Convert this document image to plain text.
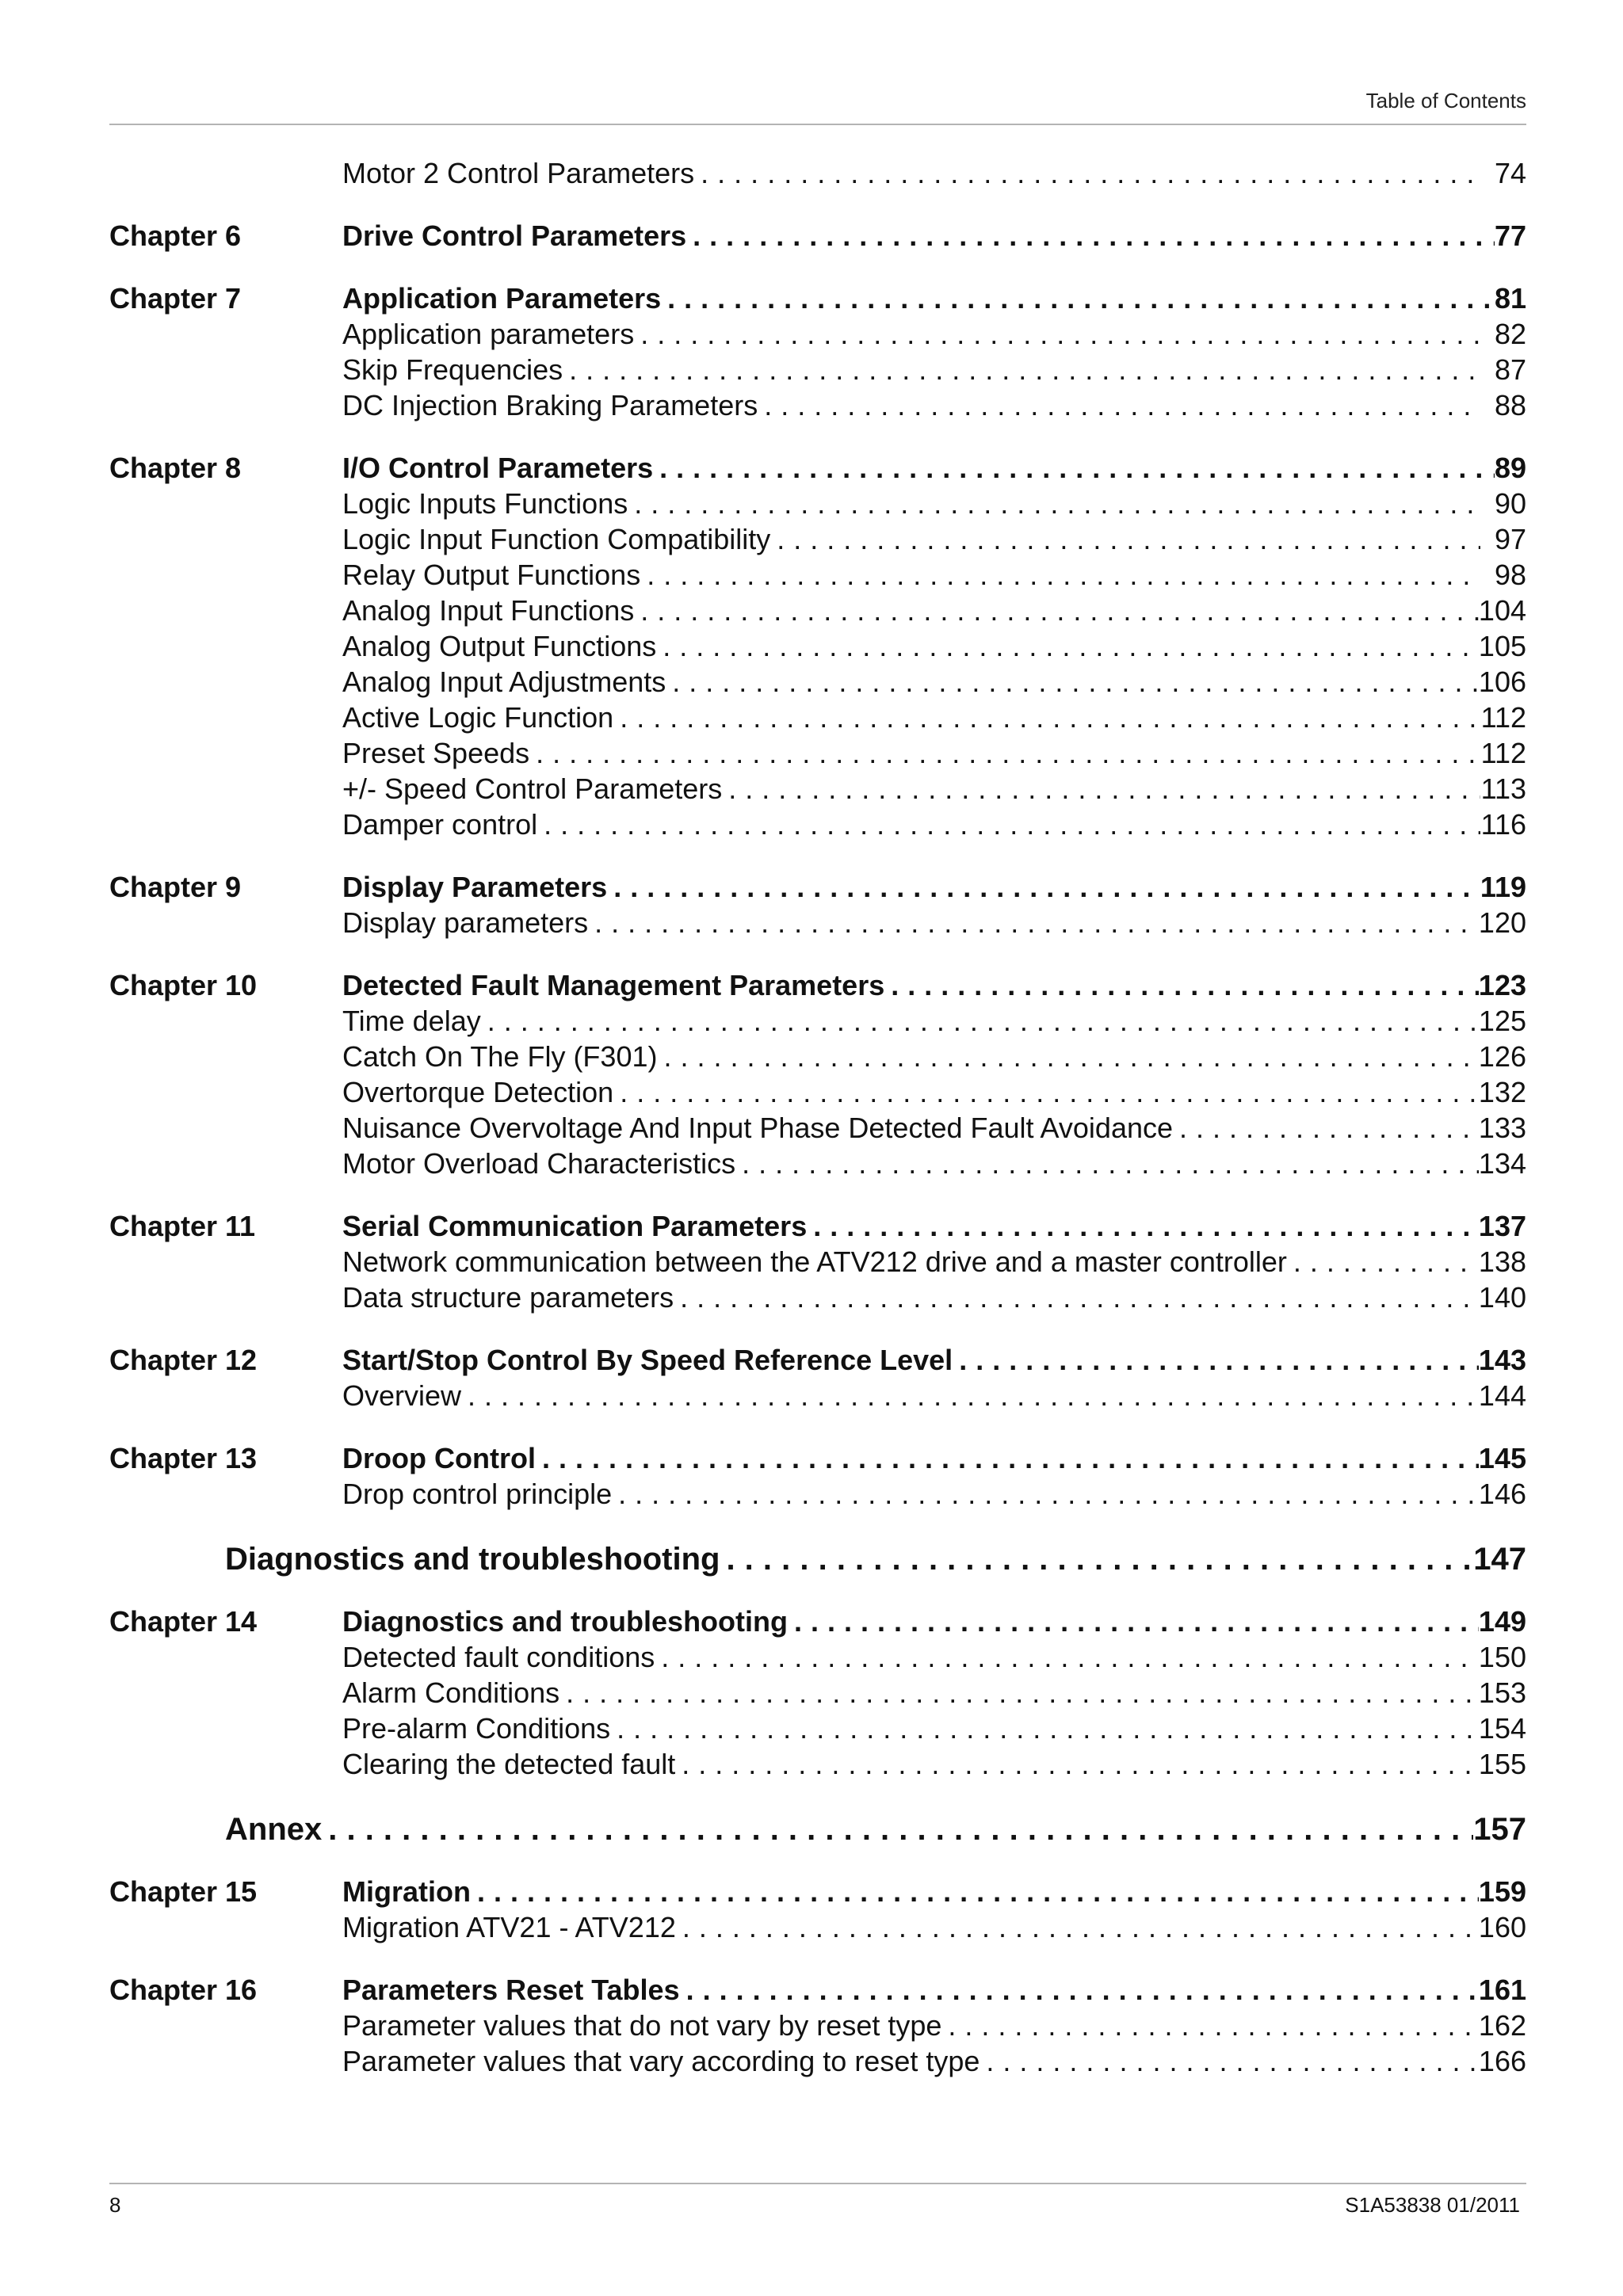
Table of Contents
Motor 2 Control Parameters . . .	74
Chapter 6	Drive Control Parameters . . .	77
Chapter 7	Application Parameters . . .	81
Application parameters . . .	82
Skip Frequencies . . .	87
DC Injection Braking Parameters . . .	88
Chapter 8	I/O Control Parameters . . .	89
Logic Inputs Functions . . .	90
Logic Input Function Compatibility . . .	97
Relay Output Functions . . .	98
Analog Input Functions . . .	104
Analog Output Functions . . .	105
Analog Input Adjustments . . .	106
Active Logic Function . . .	112
Preset Speeds . . .	112
+/- Speed Control Parameters . . .	113
Damper control . . .	116
Chapter 9	Display Parameters . . .	119
Display parameters . . .	120
Chapter 10	Detected Fault Management Parameters . . .	123
Time delay . . .	125
Catch On The Fly (F301) . . .	126
Overtorque Detection . . .	132
Nuisance Overvoltage And Input Phase Detected Fault Avoidance . . .	133
Motor Overload Characteristics . . .	134
Chapter 11	Serial Communication Parameters . . .	137
Network communication between the ATV212 drive and a master controller . . .	138
Data structure parameters . . .	140
Chapter 12	Start/Stop Control By Speed Reference Level . . .	143
Overview . . .	144
Chapter 13	Droop Control . . .	145
Drop control principle . . .	146
Diagnostics and troubleshooting . . .	147
Chapter 14	Diagnostics and troubleshooting . . .	149
Detected fault conditions . . .	150
Alarm Conditions . . .	153
Pre-alarm Conditions . . .	154
Clearing the detected fault . . .	155
Annex . . .	157
Chapter 15	Migration . . .	159
Migration ATV21 - ATV212 . . .	160
Chapter 16	Parameters Reset Tables . . .	161
Parameter values that do not vary by reset type . . .	162
Parameter values that vary according to reset type . . .	166
8	S1A53838 01/2011
